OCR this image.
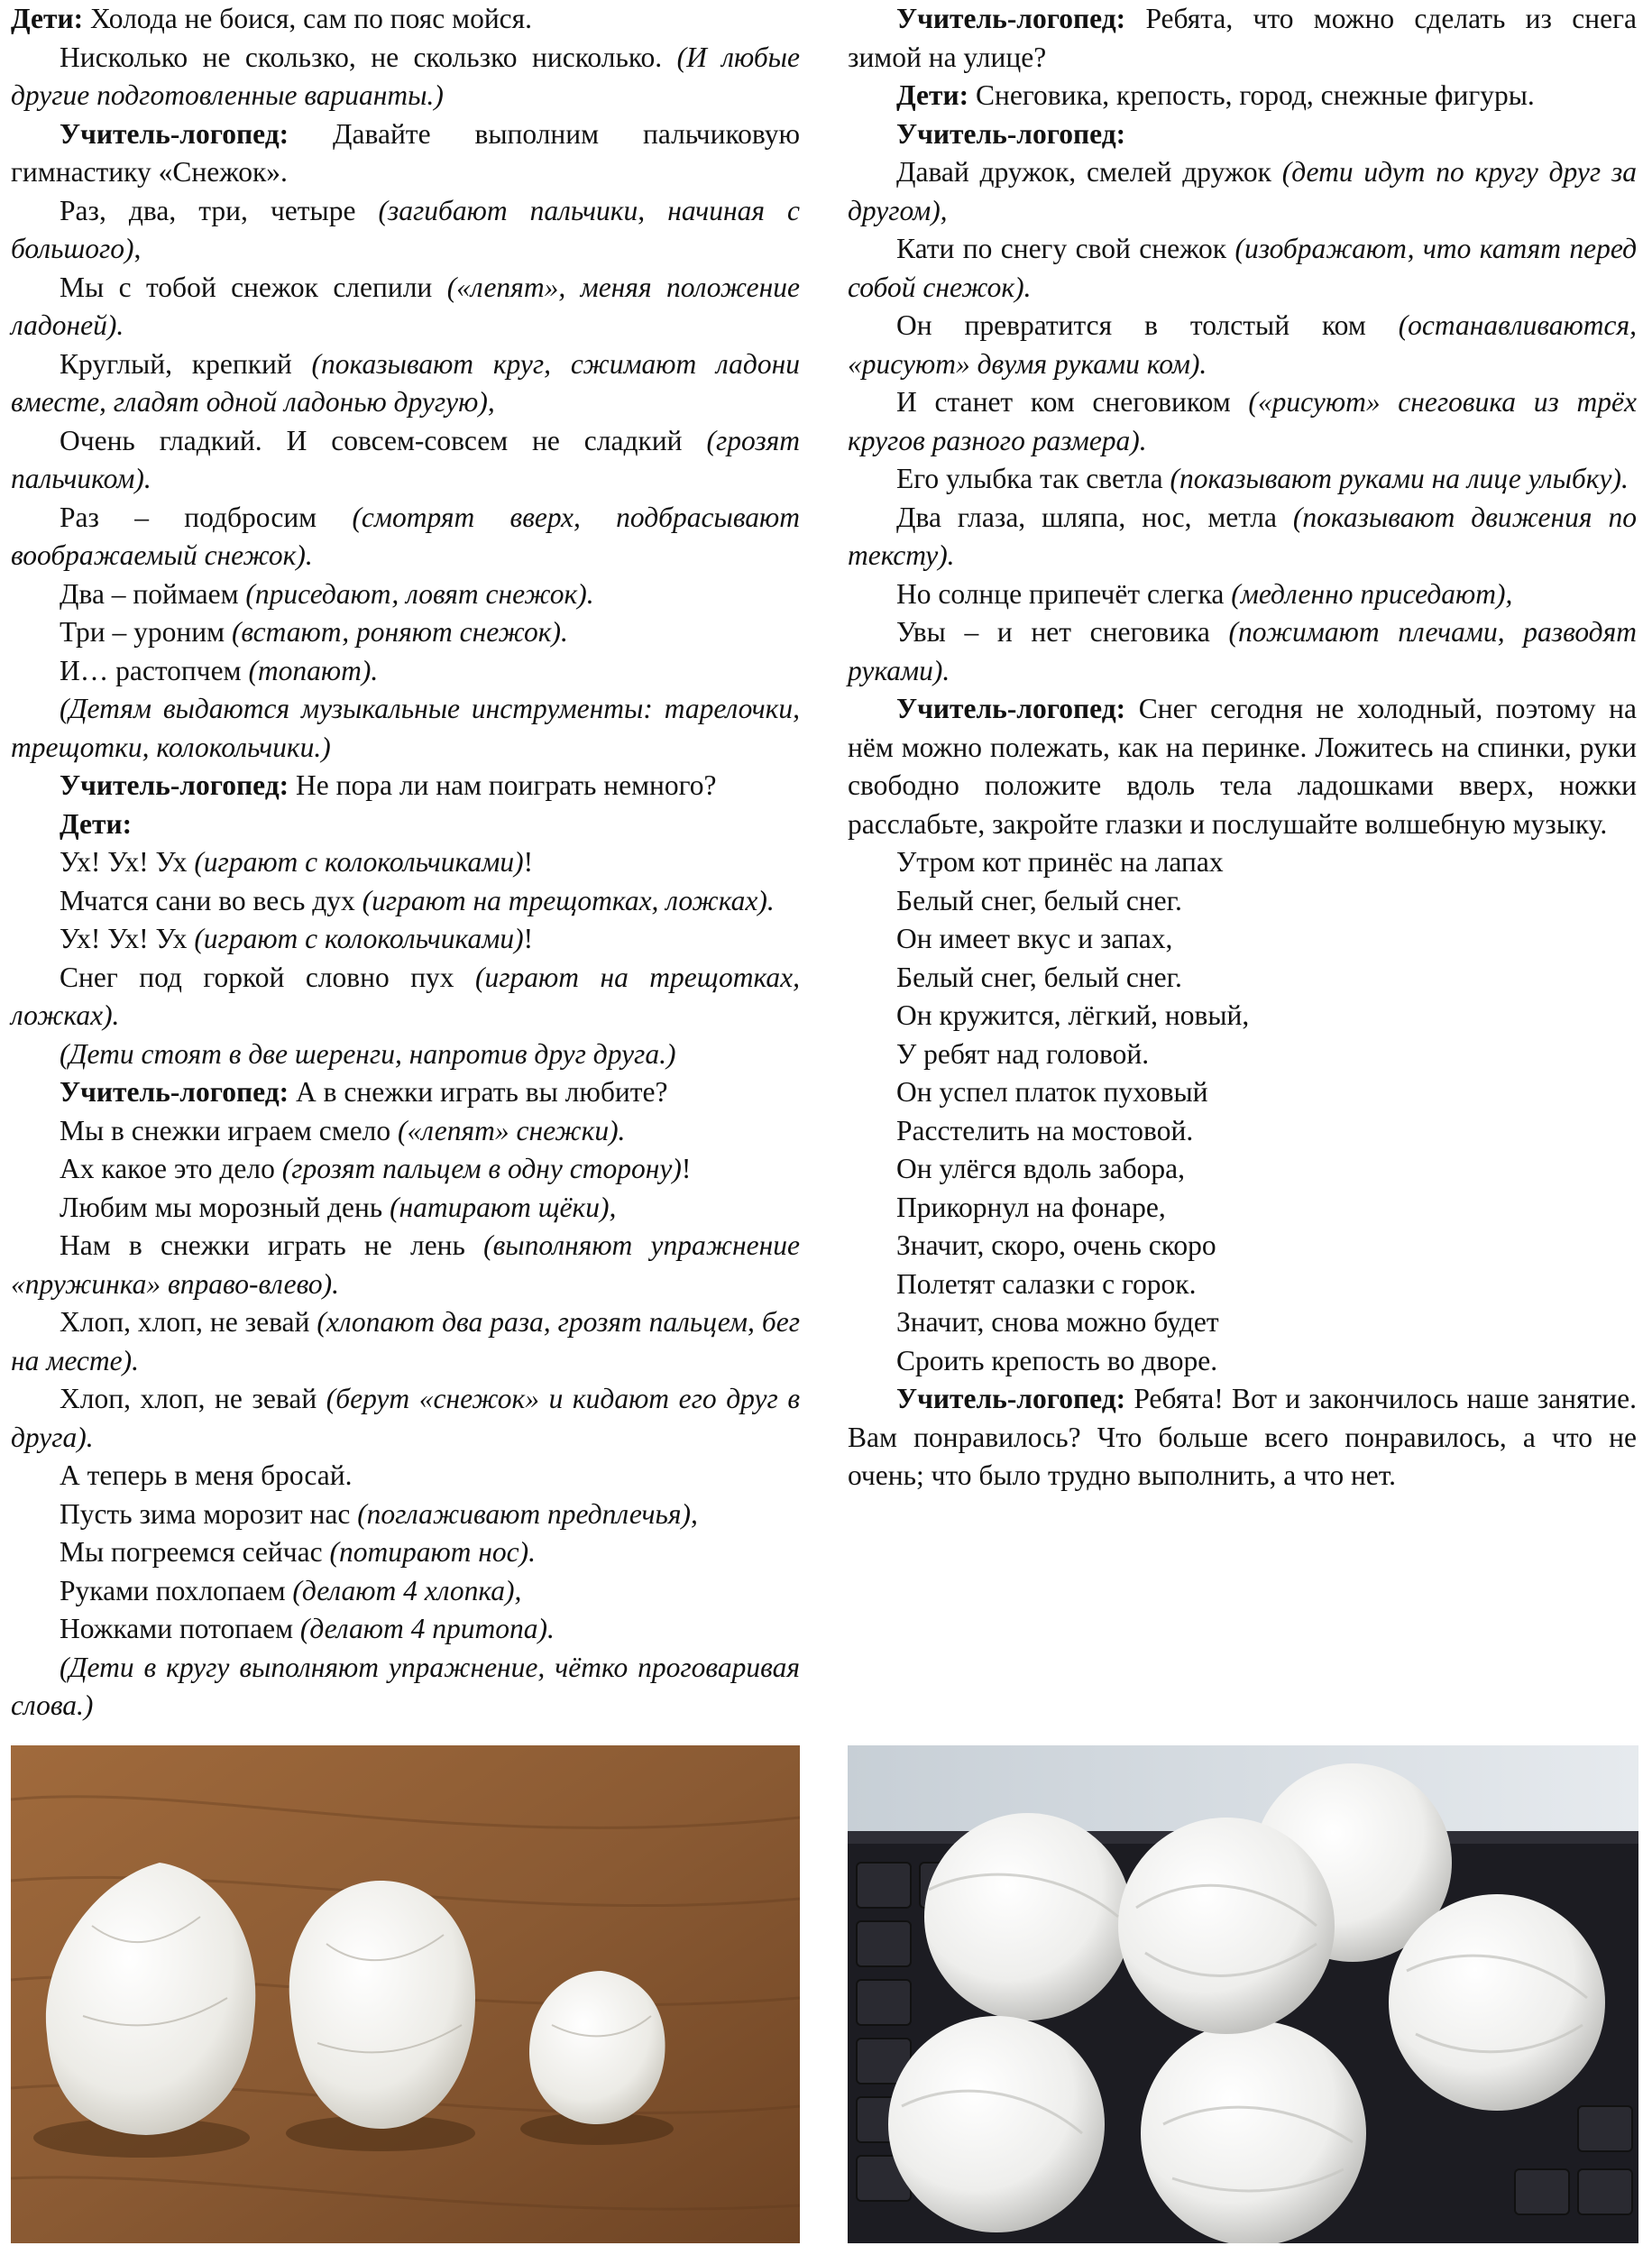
Дети: Холода не боися, сам по пояс мойся.

Нисколько не скользко, не скользко нисколько. (И любые другие подготовленные варианты.)

Учитель-логопед: Давайте выполним пальчиковую гимнастику «Снежок».

Раз, два, три, четыре (загибают пальчики, начиная с большого),

Мы с тобой снежок слепили («лепят», меняя положение ладоней).

Круглый, крепкий (показывают круг, сжимают ладони вместе, гладят одной ладонью другую),

Очень гладкий. И совсем-совсем не сладкий (грозят пальчиком).

Раз – подбросим (смотрят вверх, подбрасывают воображаемый снежок).

Два – поймаем (приседают, ловят снежок).

Три – уроним (встают, роняют снежок).

И… растопчем (топают).

(Детям выдаются музыкальные инструменты: тарелочки, трещотки, колокольчики.)

Учитель-логопед: Не пора ли нам поиграть немного?

Дети:

Ух! Ух! Ух (играют с колокольчиками)!

Мчатся сани во весь дух (играют на трещотках, ложках).

Ух! Ух! Ух (играют с колокольчиками)!

Снег под горкой словно пух (играют на трещотках, ложках).

(Дети стоят в две шеренги, напротив друг друга.)

Учитель-логопед: А в снежки играть вы любите?

Мы в снежки играем смело («лепят» снежки).

Ах какое это дело (грозят пальцем в одну сторону)!

Любим мы морозный день (натирают щёки),

Нам в снежки играть не лень (выполняют упражнение «пружинка» вправо-влево).

Хлоп, хлоп, не зевай (хлопают два раза, грозят пальцем, бег на месте).

Хлоп, хлоп, не зевай (берут «снежок» и кидают его друг в друга).

А теперь в меня бросай.

Пусть зима морозит нас (поглаживают предплечья),

Мы погреемся сейчас (потирают нос).

Руками похлопаем (делают 4 хлопка),

Ножками потопаем (делают 4 притопа).

(Дети в кругу выполняют упражнение, чётко проговаривая слова.)

Учитель-логопед: Ребята, что можно сделать из снега зимой на улице?

Дети: Снеговика, крепость, город, снежные фигуры.

Учитель-логопед:

Давай дружок, смелей дружок (дети идут по кругу друг за другом),

Кати по снегу свой снежок (изображают, что катят перед собой снежок).

Он превратится в толстый ком (останавливаются, «рисуют» двумя руками ком).

И станет ком снеговиком («рисуют» снеговика из трёх кругов разного размера).

Его улыбка так светла (показывают руками на лице улыбку).

Два глаза, шляпа, нос, метла (показывают движения по тексту).

Но солнце припечёт слегка (медленно приседают),

Увы – и нет снеговика (пожимают плечами, разводят руками).

Учитель-логопед: Снег сегодня не холодный, поэтому на нём можно полежать, как на перинке. Ложитесь на спинки, руки свободно положите вдоль тела ладошками вверх, ножки расслабьте, закройте глазки и послушайте волшебную музыку.

Утром кот принёс на лапах

Белый снег, белый снег.

Он имеет вкус и запах,

Белый снег, белый снег.

Он кружится, лёгкий, новый,

У ребят над головой.

Он успел платок пуховый

Расстелить на мостовой.

Он улёгся вдоль забора,

Прикорнул на фонаре,

Значит, скоро, очень скоро

Полетят салазки с горок.

Значит, снова можно будет

Сроить крепость во дворе.

Учитель-логопед: Ребята! Вот и закончилось наше занятие. Вам понравилось? Что больше всего понравилось, а что не очень; что было трудно выполнить, а что нет.
